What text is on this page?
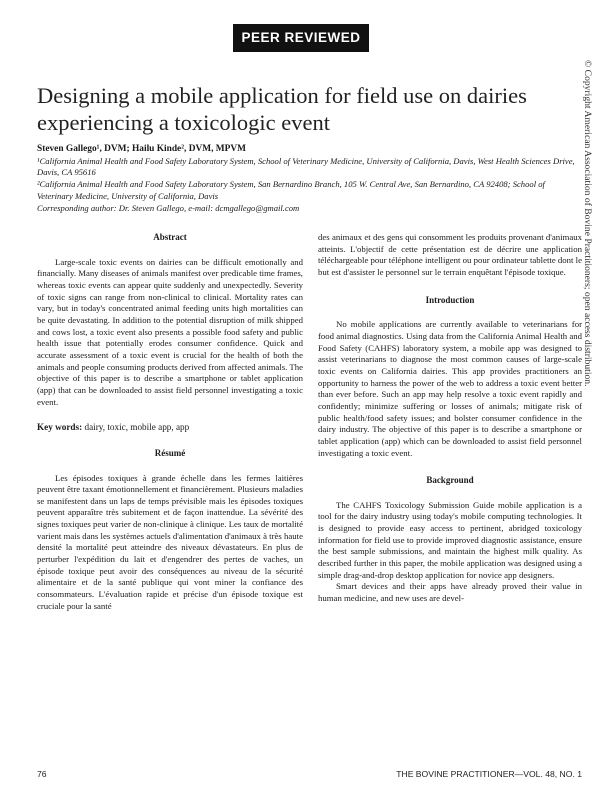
PEER REVIEWED
Designing a mobile application for field use on dairies experiencing a toxicologic event

Steven Gallego¹, DVM; Hailu Kinde², DVM, MPVM

¹California Animal Health and Food Safety Laboratory System, School of Veterinary Medicine, University of California, Davis, West Health Sciences Drive, Davis, CA 95616

²California Animal Health and Food Safety Laboratory System, San Bernardino Branch, 105 W. Central Ave, San Bernardino, CA 92408; School of Veterinary Medicine, University of California, Davis

Corresponding author: Dr. Steven Gallego, e-mail: dcmgallego@gmail.com

Abstract

Large-scale toxic events on dairies can be difficult emotionally and financially. Many diseases of animals manifest over predicable time frames, whereas toxic events can appear quite suddenly and unexpectedly. Severity of toxic signs can range from non-clinical to clinical. Mortality rates can vary, but in today's concentrated animal feeding units high mortalities can be quite devastating. In addition to the potential disruption of milk shipped and cows lost, a toxic event also presents a possible food safety and public health issue that potentially erodes consumer confidence. Quick and accurate assessment of a toxic event is crucial for the health of both the animals and people consuming products derived from affected animals. The objective of this paper is to describe a smartphone or tablet application (app) that can be downloaded to assist field personnel investigating a toxic event.

Key words: dairy, toxic, mobile app, app

Résumé

Les épisodes toxiques à grande échelle dans les fermes laitières peuvent être taxant émotionnellement et financièrement. Plusieurs maladies se manifestent dans un laps de temps prévisible mais les épisodes toxiques peuvent apparaître très subitement et de façon inattendue. La sévérité des signes toxiques peut varier de non-clinique à clinique. Les taux de mortalité varient mais dans les systèmes actuels d'alimentation d'animaux à très haute densité la mortalité peut atteindre des niveaux dévastateurs. En plus de perturber l'expédition du lait et d'engendrer des pertes de vaches, un épisode toxique peut avoir des conséquences au niveau de la sécurité alimentaire et de la santé publique qui vont miner la confiance des consommateurs. L'évaluation rapide et précise d'un épisode toxique est cruciale pour la santé

des animaux et des gens qui consomment les produits provenant d'animaux atteints. L'objectif de cette présentation est de décrire une application téléchargeable pour téléphone intelligent ou pour ordinateur tablette dont le but est d'assister le personnel sur le terrain enquêtant l'épisode toxique.

Introduction

No mobile applications are currently available to veterinarians for food animal diagnostics. Using data from the California Animal Health and Food Safety (CAHFS) laboratory system, a mobile app was designed to assist veterinarians to diagnose the most common causes of large-scale toxic events on California dairies. This app provides practitioners an opportunity to harness the power of the web to address a toxic event better than ever before. Such an app may help resolve a toxic event rapidly and confidently; minimize suffering or losses of animals; mitigate risk of public health/food safety issues; and bolster consumer confidence in the dairy industry. The objective of this paper is to describe a smartphone or tablet application (app) which can be downloaded to assist field personnel investigating a toxic event.

Background

The CAHFS Toxicology Submission Guide mobile application is a tool for the dairy industry using today's mobile computing technologies. It is designed to provide easy access to pertinent, abridged toxicology information for field use to provide improved diagnostic assistance, ensure the best sample submissions, and maintain the highest milk quality. As described further in this paper, the mobile application was designed using a simple drag-and-drop desktop application for novice app designers.

Smart devices and their apps have already proved their value in human medicine, and new uses are devel-

© Copyright American Association of Bovine Practitioners; open access distribution.
76	THE BOVINE PRACTITIONER—VOL. 48, NO. 1
